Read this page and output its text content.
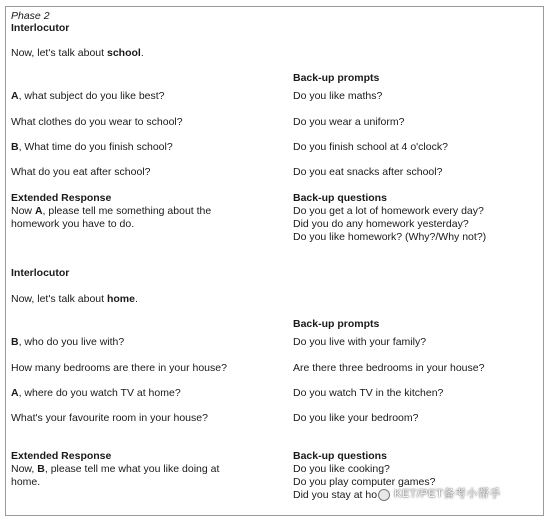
Phase 2
Interlocutor
Now, let's talk about school.
Back-up prompts
A, what subject do you like best?	Do you like maths?
What clothes do you wear to school?	Do you wear a uniform?
B, What time do you finish school?	Do you finish school at 4 o'clock?
What do you eat after school?	Do you eat snacks after school?
Extended Response
Now A, please tell me something about the
homework you have to do.
Back-up questions
Do you get a lot of homework every day?
Did you do any homework yesterday?
Do you like homework? (Why?/Why not?)
Interlocutor
Now, let's talk about home.
Back-up prompts
B, who do you live with?	Do you live with your family?
How many bedrooms are there in your house?	Are there three bedrooms in your house?
A, where do you watch TV at home?	Do you watch TV in the kitchen?
What's your favourite room in your house?	Do you like your bedroom?
Extended Response
Now, B, please tell me what you like doing at
home.
Back-up questions
Do you like cooking?
Do you play computer games?
Did you stay at ho KET/PET备考小帮手
